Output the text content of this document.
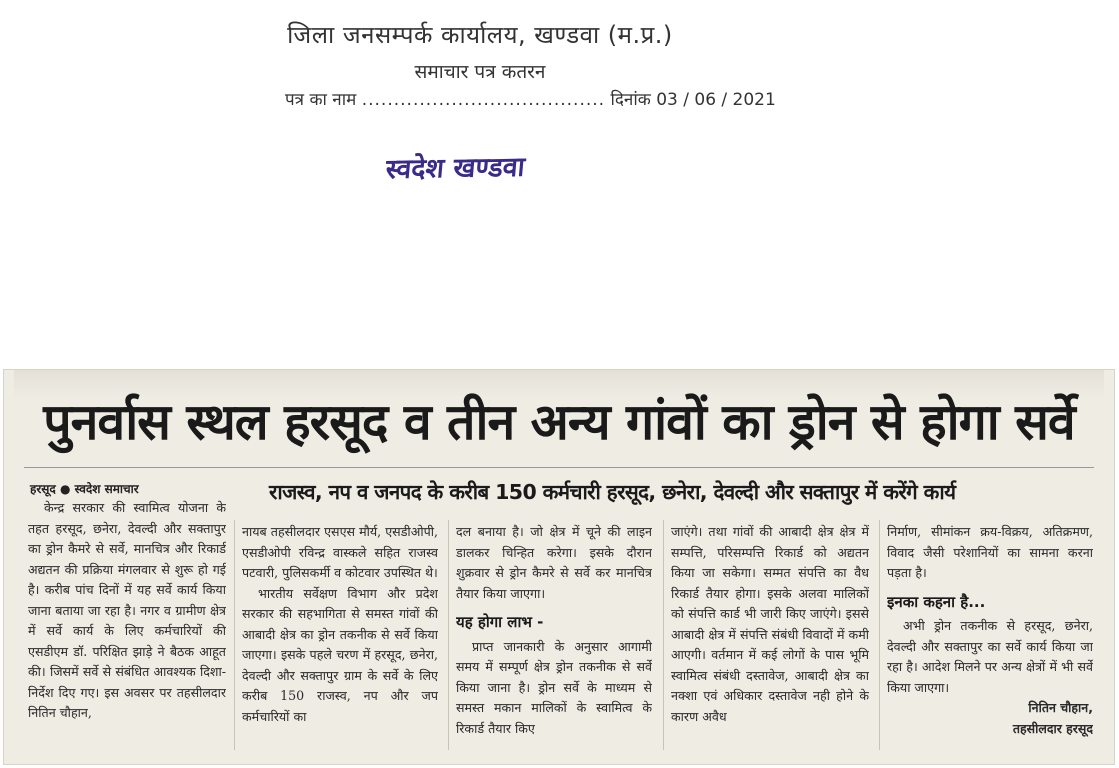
जिला जनसम्पर्क कार्यालय, खण्डवा (म.प्र.)
समाचार पत्र कतरन
पत्र का नाम ...................................... दिनांक 03 / 06 / 2021
स्वदेश खण्डवा
पुनर्वास स्थल हरसूद व तीन अन्य गांवों का ड्रोन से होगा सर्वे
हरसूद ● स्वदेश समाचार	राजस्व, नप व जनपद के करीब 150 कर्मचारी हरसूद, छनेरा, देवल्दी और सक्तापुर में करेंगे कार्य

केन्द्र सरकार की स्वामित्व योजना के तहत हरसूद, छनेरा, देवल्दी और सक्तापुर का ड्रोन कैमरे से सर्वे, मानचित्र और रिकार्ड अद्यतन की प्रक्रिया मंगलवार से शुरू हो गई है। करीब पांच दिनों में यह सर्वे कार्य किया जाना बताया जा रहा है। नगर व ग्रामीण क्षेत्र में सर्वे कार्य के लिए कर्मचारियों की एसडीएम डॉ. परिक्षित झाड़े ने बैठक आहूत की। जिसमें सर्वे से संबंधित आवश्यक दिशा-निर्देश दिए गए। इस अवसर पर तहसीलदार नितिन चौहान,

नायब तहसीलदार एसएस मौर्य, एसडीओपी, एसडीओपी रविन्द्र वास्कले सहित राजस्व पटवारी, पुलिसकर्मी व कोटवार उपस्थित थे।

भारतीय सर्वेक्षण विभाग और प्रदेश सरकार की सहभागिता से समस्त गांवों की आबादी क्षेत्र का ड्रोन तकनीक से सर्वे किया जाएगा। इसके पहले चरण में हरसूद, छनेरा, देवल्दी और सक्तापुर ग्राम के सर्वे के लिए करीब 150 राजस्व, नप और जप कर्मचारियों का

दल बनाया है। जो क्षेत्र में चूने की लाइन डालकर चिन्हित करेगा। इसके दौरान शुक्रवार से ड्रोन कैमरे से सर्वे कर मानचित्र तैयार किया जाएगा।

यह होगा लाभ -

प्राप्त जानकारी के अनुसार आगामी समय में सम्पूर्ण क्षेत्र ड्रोन तकनीक से सर्वे किया जाना है। ड्रोन सर्वे के माध्यम से समस्त मकान मालिकों के स्वामित्व के रिकार्ड तैयार किए

जाएंगे। तथा गांवों की आबादी क्षेत्र क्षेत्र में सम्पत्ति, परिसम्पत्ति रिकार्ड को अद्यतन किया जा सकेगा। सम्मत संपत्ति का वैध रिकार्ड तैयार होगा। इसके अलवा मालिकों को संपत्ति कार्ड भी जारी किए जाएंगे। इससे आबादी क्षेत्र में संपत्ति संबंधी विवादों में कमी आएगी। वर्तमान में कई लोगों के पास भूमि स्वामित्व संबंधी दस्तावेज, आबादी क्षेत्र का नक्शा एवं अधिकार दस्तावेज नही होने के कारण अवैध

निर्माण, सीमांकन क्रय-विक्रय, अतिक्रमण, विवाद जैसी परेशानियों का सामना करना पड़ता है।

इनका कहना है...

अभी ड्रोन तकनीक से हरसूद, छनेरा, देवल्दी और सक्तापुर का सर्वे कार्य किया जा रहा है। आदेश मिलने पर अन्य क्षेत्रों में भी सर्वे किया जाएगा।

नितिन चौहान,

तहसीलदार हरसूद
